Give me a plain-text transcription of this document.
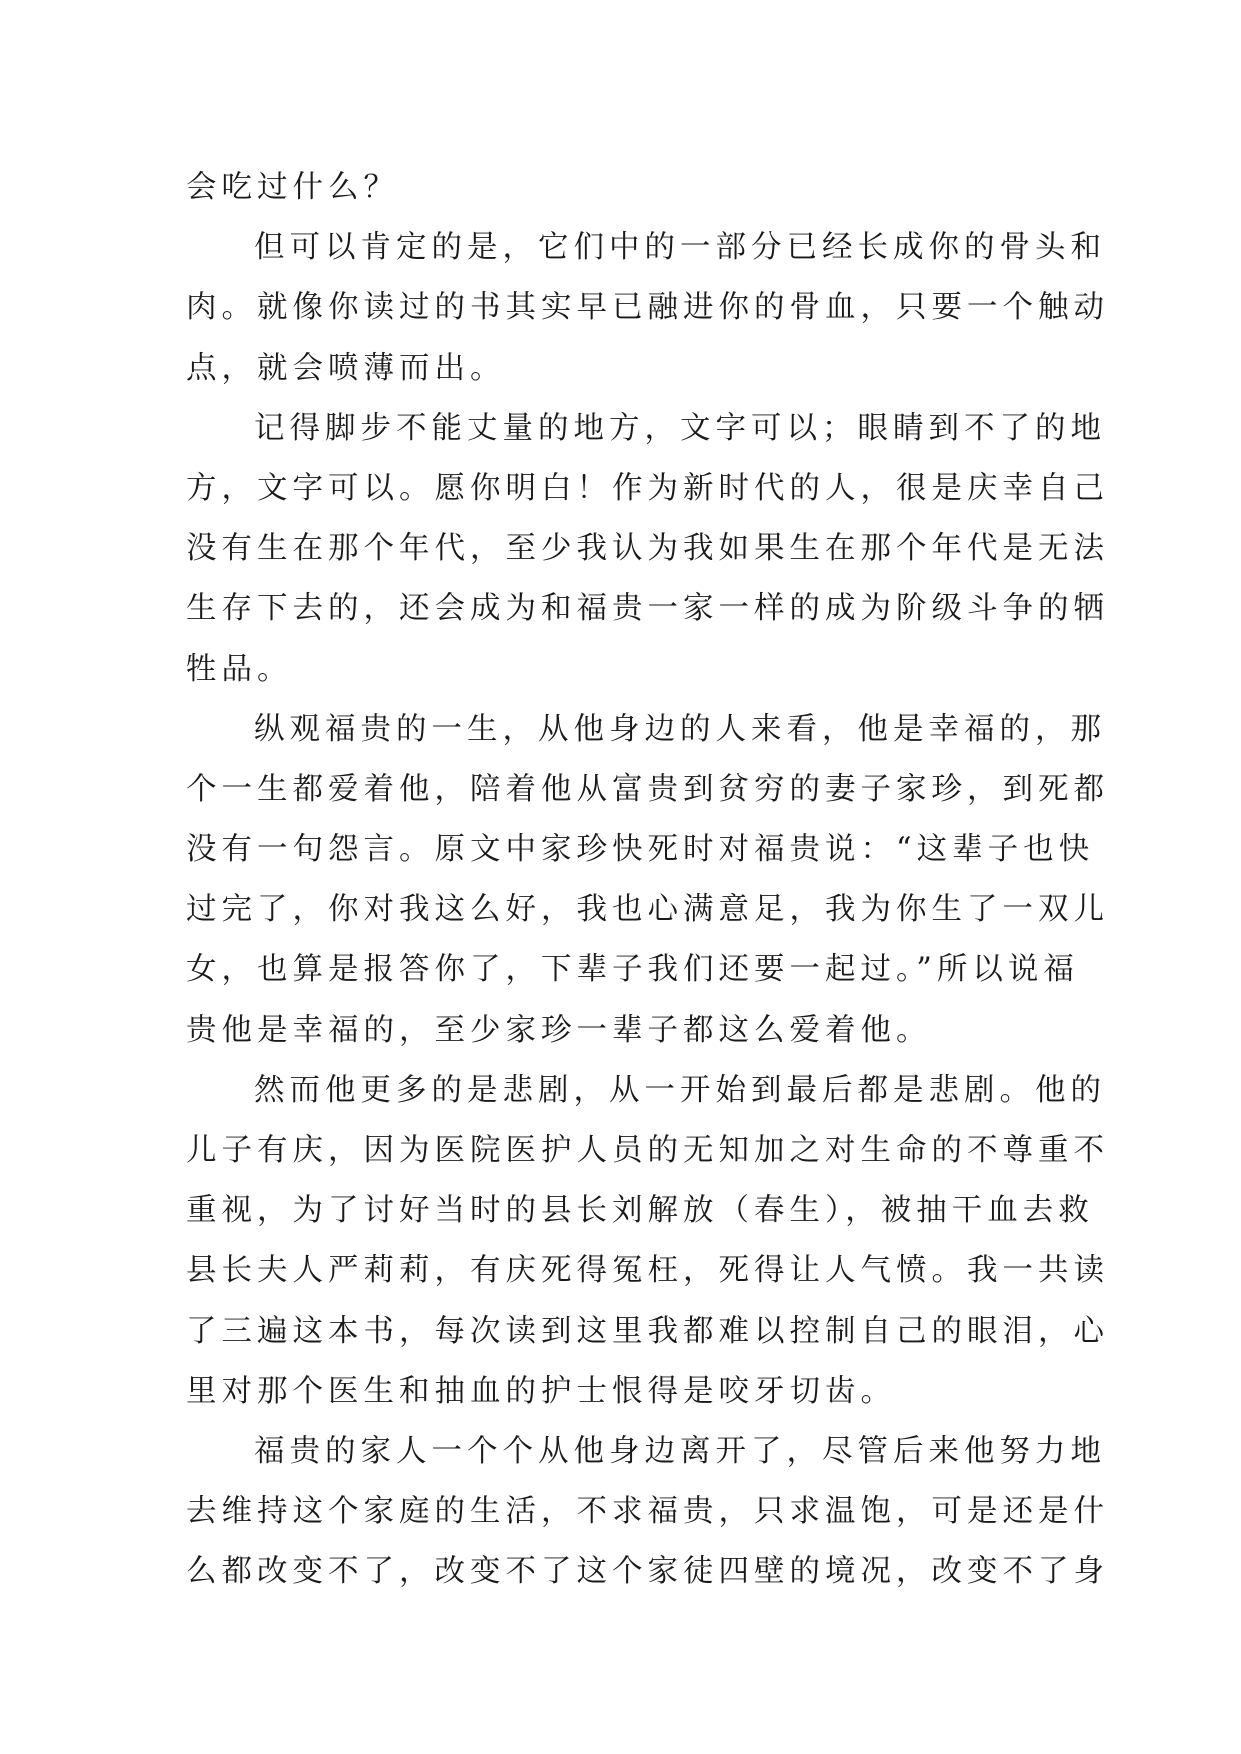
会吃过什么？
但可以肯定的是，它们中的一部分已经长成你的骨头和
肉。就像你读过的书其实早已融进你的骨血，只要一个触动
点，就会喷薄而出。
记得脚步不能丈量的地方，文字可以；眼睛到不了的地
方，文字可以。愿你明白！作为新时代的人，很是庆幸自己
没有生在那个年代，至少我认为我如果生在那个年代是无法
生存下去的，还会成为和福贵一家一样的成为阶级斗争的牺
牲品。
纵观福贵的一生，从他身边的人来看，他是幸福的，那
个一生都爱着他，陪着他从富贵到贫穷的妻子家珍，到死都
没有一句怨言。原文中家珍快死时对福贵说：“这辈子也快
过完了，你对我这么好，我也心满意足，我为你生了一双儿
女，也算是报答你了，下辈子我们还要一起过。”所以说福
贵他是幸福的，至少家珍一辈子都这么爱着他。
然而他更多的是悲剧，从一开始到最后都是悲剧。他的
儿子有庆，因为医院医护人员的无知加之对生命的不尊重不
重视，为了讨好当时的县长刘解放（春生），被抽干血去救
县长夫人严莉莉，有庆死得冤枉，死得让人气愤。我一共读
了三遍这本书，每次读到这里我都难以控制自己的眼泪，心
里对那个医生和抽血的护士恨得是咬牙切齿。
福贵的家人一个个从他身边离开了，尽管后来他努力地
去维持这个家庭的生活，不求福贵，只求温饱，可是还是什
么都改变不了，改变不了这个家徒四壁的境况，改变不了身
